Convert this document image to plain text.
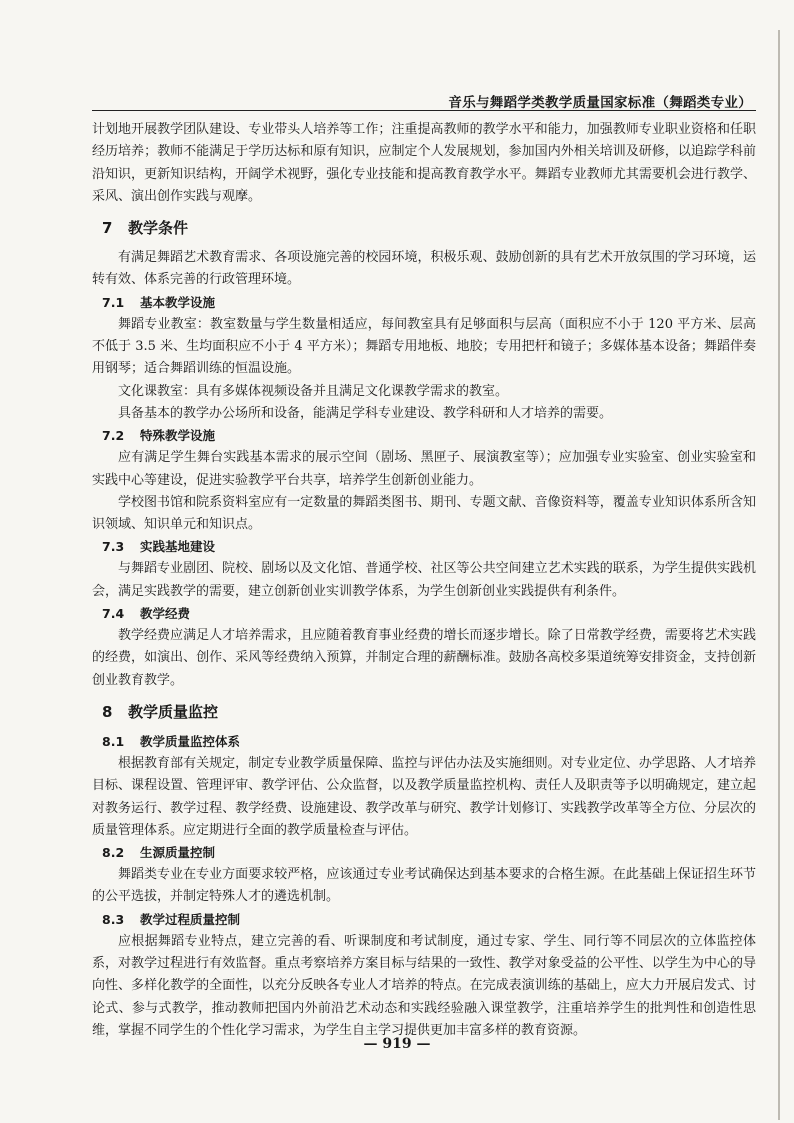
音乐与舞蹈学类教学质量国家标准（舞蹈类专业）

计划地开展教学团队建设、专业带头人培养等工作；注重提高教师的教学水平和能力，加强教师专业职业资格和任职经历培养；教师不能满足于学历达标和原有知识，应制定个人发展规划，参加国内外相关培训及研修，以追踪学科前沿知识，更新知识结构，开阔学术视野，强化专业技能和提高教育教学水平。舞蹈专业教师尤其需要机会进行教学、采风、演出创作实践与观摩。

7 教学条件

有满足舞蹈艺术教育需求、各项设施完善的校园环境，积极乐观、鼓励创新的具有艺术开放氛围的学习环境，运转有效、体系完善的行政管理环境。

7.1 基本教学设施

舞蹈专业教室：教室数量与学生数量相适应，每间教室具有足够面积与层高（面积应不小于 120 平方米、层高不低于 3.5 米、生均面积应不小于 4 平方米）；舞蹈专用地板、地胶；专用把杆和镜子；多媒体基本设备；舞蹈伴奏用钢琴；适合舞蹈训练的恒温设施。

文化课教室：具有多媒体视频设备并且满足文化课教学需求的教室。

具备基本的教学办公场所和设备，能满足学科专业建设、教学科研和人才培养的需要。

7.2 特殊教学设施

应有满足学生舞台实践基本需求的展示空间（剧场、黑匣子、展演教室等）；应加强专业实验室、创业实验室和实践中心等建设，促进实验教学平台共享，培养学生创新创业能力。

学校图书馆和院系资料室应有一定数量的舞蹈类图书、期刊、专题文献、音像资料等，覆盖专业知识体系所含知识领域、知识单元和知识点。

7.3 实践基地建设

与舞蹈专业剧团、院校、剧场以及文化馆、普通学校、社区等公共空间建立艺术实践的联系，为学生提供实践机会，满足实践教学的需要，建立创新创业实训教学体系，为学生创新创业实践提供有利条件。

7.4 教学经费

教学经费应满足人才培养需求，且应随着教育事业经费的增长而逐步增长。除了日常教学经费，需要将艺术实践的经费，如演出、创作、采风等经费纳入预算，并制定合理的薪酬标准。鼓励各高校多渠道统筹安排资金，支持创新创业教育教学。

8 教学质量监控
8.1 教学质量监控体系

根据教育部有关规定，制定专业教学质量保障、监控与评估办法及实施细则。对专业定位、办学思路、人才培养目标、课程设置、管理评审、教学评估、公众监督，以及教学质量监控机构、责任人及职责等予以明确规定，建立起对教务运行、教学过程、教学经费、设施建设、教学改革与研究、教学计划修订、实践教学改革等全方位、分层次的质量管理体系。应定期进行全面的教学质量检查与评估。

8.2 生源质量控制

舞蹈类专业在专业方面要求较严格，应该通过专业考试确保达到基本要求的合格生源。在此基础上保证招生环节的公平选拔，并制定特殊人才的遴选机制。

8.3 教学过程质量控制

应根据舞蹈专业特点，建立完善的看、听课制度和考试制度，通过专家、学生、同行等不同层次的立体监控体系，对教学过程进行有效监督。重点考察培养方案目标与结果的一致性、教学对象受益的公平性、以学生为中心的导向性、多样化教学的全面性，以充分反映各专业人才培养的特点。在完成表演训练的基础上，应大力开展启发式、讨论式、参与式教学，推动教师把国内外前沿艺术动态和实践经验融入课堂教学，注重培养学生的批判性和创造性思维，掌握不同学生的个性化学习需求，为学生自主学习提供更加丰富多样的教育资源。

— 919 —
